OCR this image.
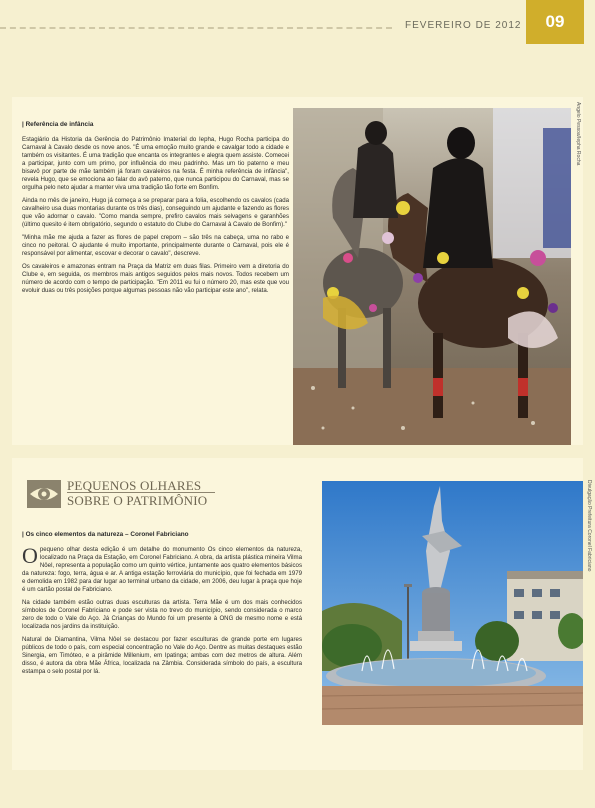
FEVEREIRO DE 2012	09
| Referência de infância

Estagiário da Historia da Gerência do Patrimônio Imaterial do Iepha, Hugo Rocha participa do Carnaval à Cavalo desde os nove anos. "É uma emoção muito grande e cavalgar todo a cidade e também os visitantes. É uma tradição que encanta os integrantes e alegra quem assiste. Comecei a participar, junto com um primo, por influência do meu padrinho. Mas um tio paterno e meu bisavô por parte de mãe também já foram cavaleiros na festa. É minha referência de infância", revela Hugo, que se emociona ao falar do avô paterno, que nunca participou do Carnaval, mas se orgulha pelo neto ajudar a manter viva uma tradição tão forte em Bonfim.

Ainda no mês de janeiro, Hugo já começa a se preparar para a folia, escolhendo os cavalos (cada cavalheiro usa duas montarias durante os três dias), conseguindo um ajudante e fazendo as flores que vão adornar o cavalo. "Como manda sempre, prefiro cavalos mais selvagens e garanhões (último quesito é item obrigatório, segundo o estatuto do Clube do Carnaval à Cavalo de Bonfim)."

"Minha mãe me ajuda a fazer as flores de papel crepom – são três na cabeça, uma no rabo e cinco no peitoral. O ajudante é muito importante, principalmente durante o Carnaval, pois ele é responsável por alimentar, escovar e decorar o cavalo", descreve.

Os cavaleiros e amazonas entram na Praça da Matriz em duas filas. Primeiro vem a diretoria do Clube e, em seguida, os membros mais antigos seguidos pelos mais novos. Todos recebem um número de acordo com o tempo de participação. "Em 2011 eu fui o número 20, mas este que vou evoluir duas ou três posições porque algumas pessoas não vão participar este ano", relata.

Angelo Pessoa/Iepha Rocha
PEQUENOS OLHARES
SOBRE O PATRIMÔNIO
| Os cinco elementos da natureza – Coronel Fabriciano

Opequeno olhar desta edição é um detalhe do monumento Os cinco elementos da natureza, localizado na Praça da Estação, em Coronel Fabriciano. A obra, da artista plástica mineira Vilma Nôel, representa a população como um quinto vértice, juntamente aos quatro elementos básicos da natureza: fogo, terra, água e ar. A antiga estação ferroviária do município, que foi fechada em 1979 e demolida em 1982 para dar lugar ao terminal urbano da cidade, em 2006, deu lugar à praça que hoje é um cartão postal de Fabriciano.

Na cidade também estão outras duas esculturas da artista. Terra Mãe é um dos mais conhecidos símbolos de Coronel Fabriciano e pode ser vista no trevo do município, sendo considerada o marco zero de todo o Vale do Aço. Já Crianças do Mundo foi um presente à ONG de mesmo nome e está localizada nos jardins da instituição.

Natural de Diamantina, Vilma Nôel se destacou por fazer esculturas de grande porte em lugares públicos de todo o país, com especial concentração no Vale do Aço. Dentre as muitas destaques estão Sinergia, em Timóteo, e a pirâmide Millenium, em Ipatinga; ambas com dez metros de altura. Além disso, é autora da obra Mãe África, localizada na Zâmbia. Considerada símbolo do país, a escultura estampa o selo postal por lá.

Divulgação Prefeitura Coronel Fabriciano
